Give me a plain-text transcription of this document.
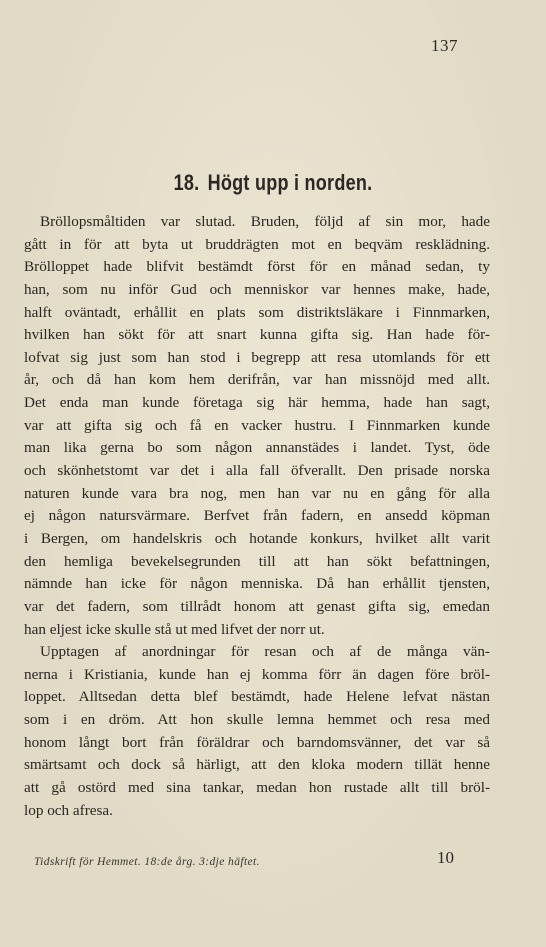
137
18. Högt upp i norden.
Bröllopsmåltiden var slutad. Bruden, följd af sin mor, hade
gått in för att byta ut bruddrägten mot en beqväm resklädning.
Brölloppet hade blifvit bestämdt först för en månad sedan, ty
han, som nu inför Gud och menniskor var hennes make, hade,
halft oväntadt, erhållit en plats som distriktsläkare i Finnmarken,
hvilken han sökt för att snart kunna gifta sig. Han hade för-
lofvat sig just som han stod i begrepp att resa utomlands för ett
år, och då han kom hem derifrån, var han missnöjd med allt.
Det enda man kunde företaga sig här hemma, hade han sagt,
var att gifta sig och få en vacker hustru. I Finnmarken kunde
man lika gerna bo som någon annanstädes i landet. Tyst, öde
och skönhetstomt var det i alla fall öfverallt. Den prisade norska
naturen kunde vara bra nog, men han var nu en gång för alla
ej någon natursvärmare. Berfvet från fadern, en ansedd köpman
i Bergen, om handelskris och hotande konkurs, hvilket allt varit
den hemliga bevekelsegrunden till att han sökt befattningen,
nämnde han icke för någon menniska. Då han erhållit tjensten,
var det fadern, som tillrådt honom att genast gifta sig, emedan
han eljest icke skulle stå ut med lifvet der norr ut.
Upptagen af anordningar för resan och af de många vän-
nerna i Kristiania, kunde han ej komma förr än dagen före bröl-
loppet. Alltsedan detta blef bestämdt, hade Helene lefvat nästan
som i en dröm. Att hon skulle lemna hemmet och resa med
honom långt bort från föräldrar och barndomsvänner, det var så
smärtsamt och dock så härligt, att den kloka modern tillät henne
att gå ostörd med sina tankar, medan hon rustade allt till bröl-
lop och afresa.
Tidskrift för Hemmet. 18:de årg. 3:dje häftet.	10
